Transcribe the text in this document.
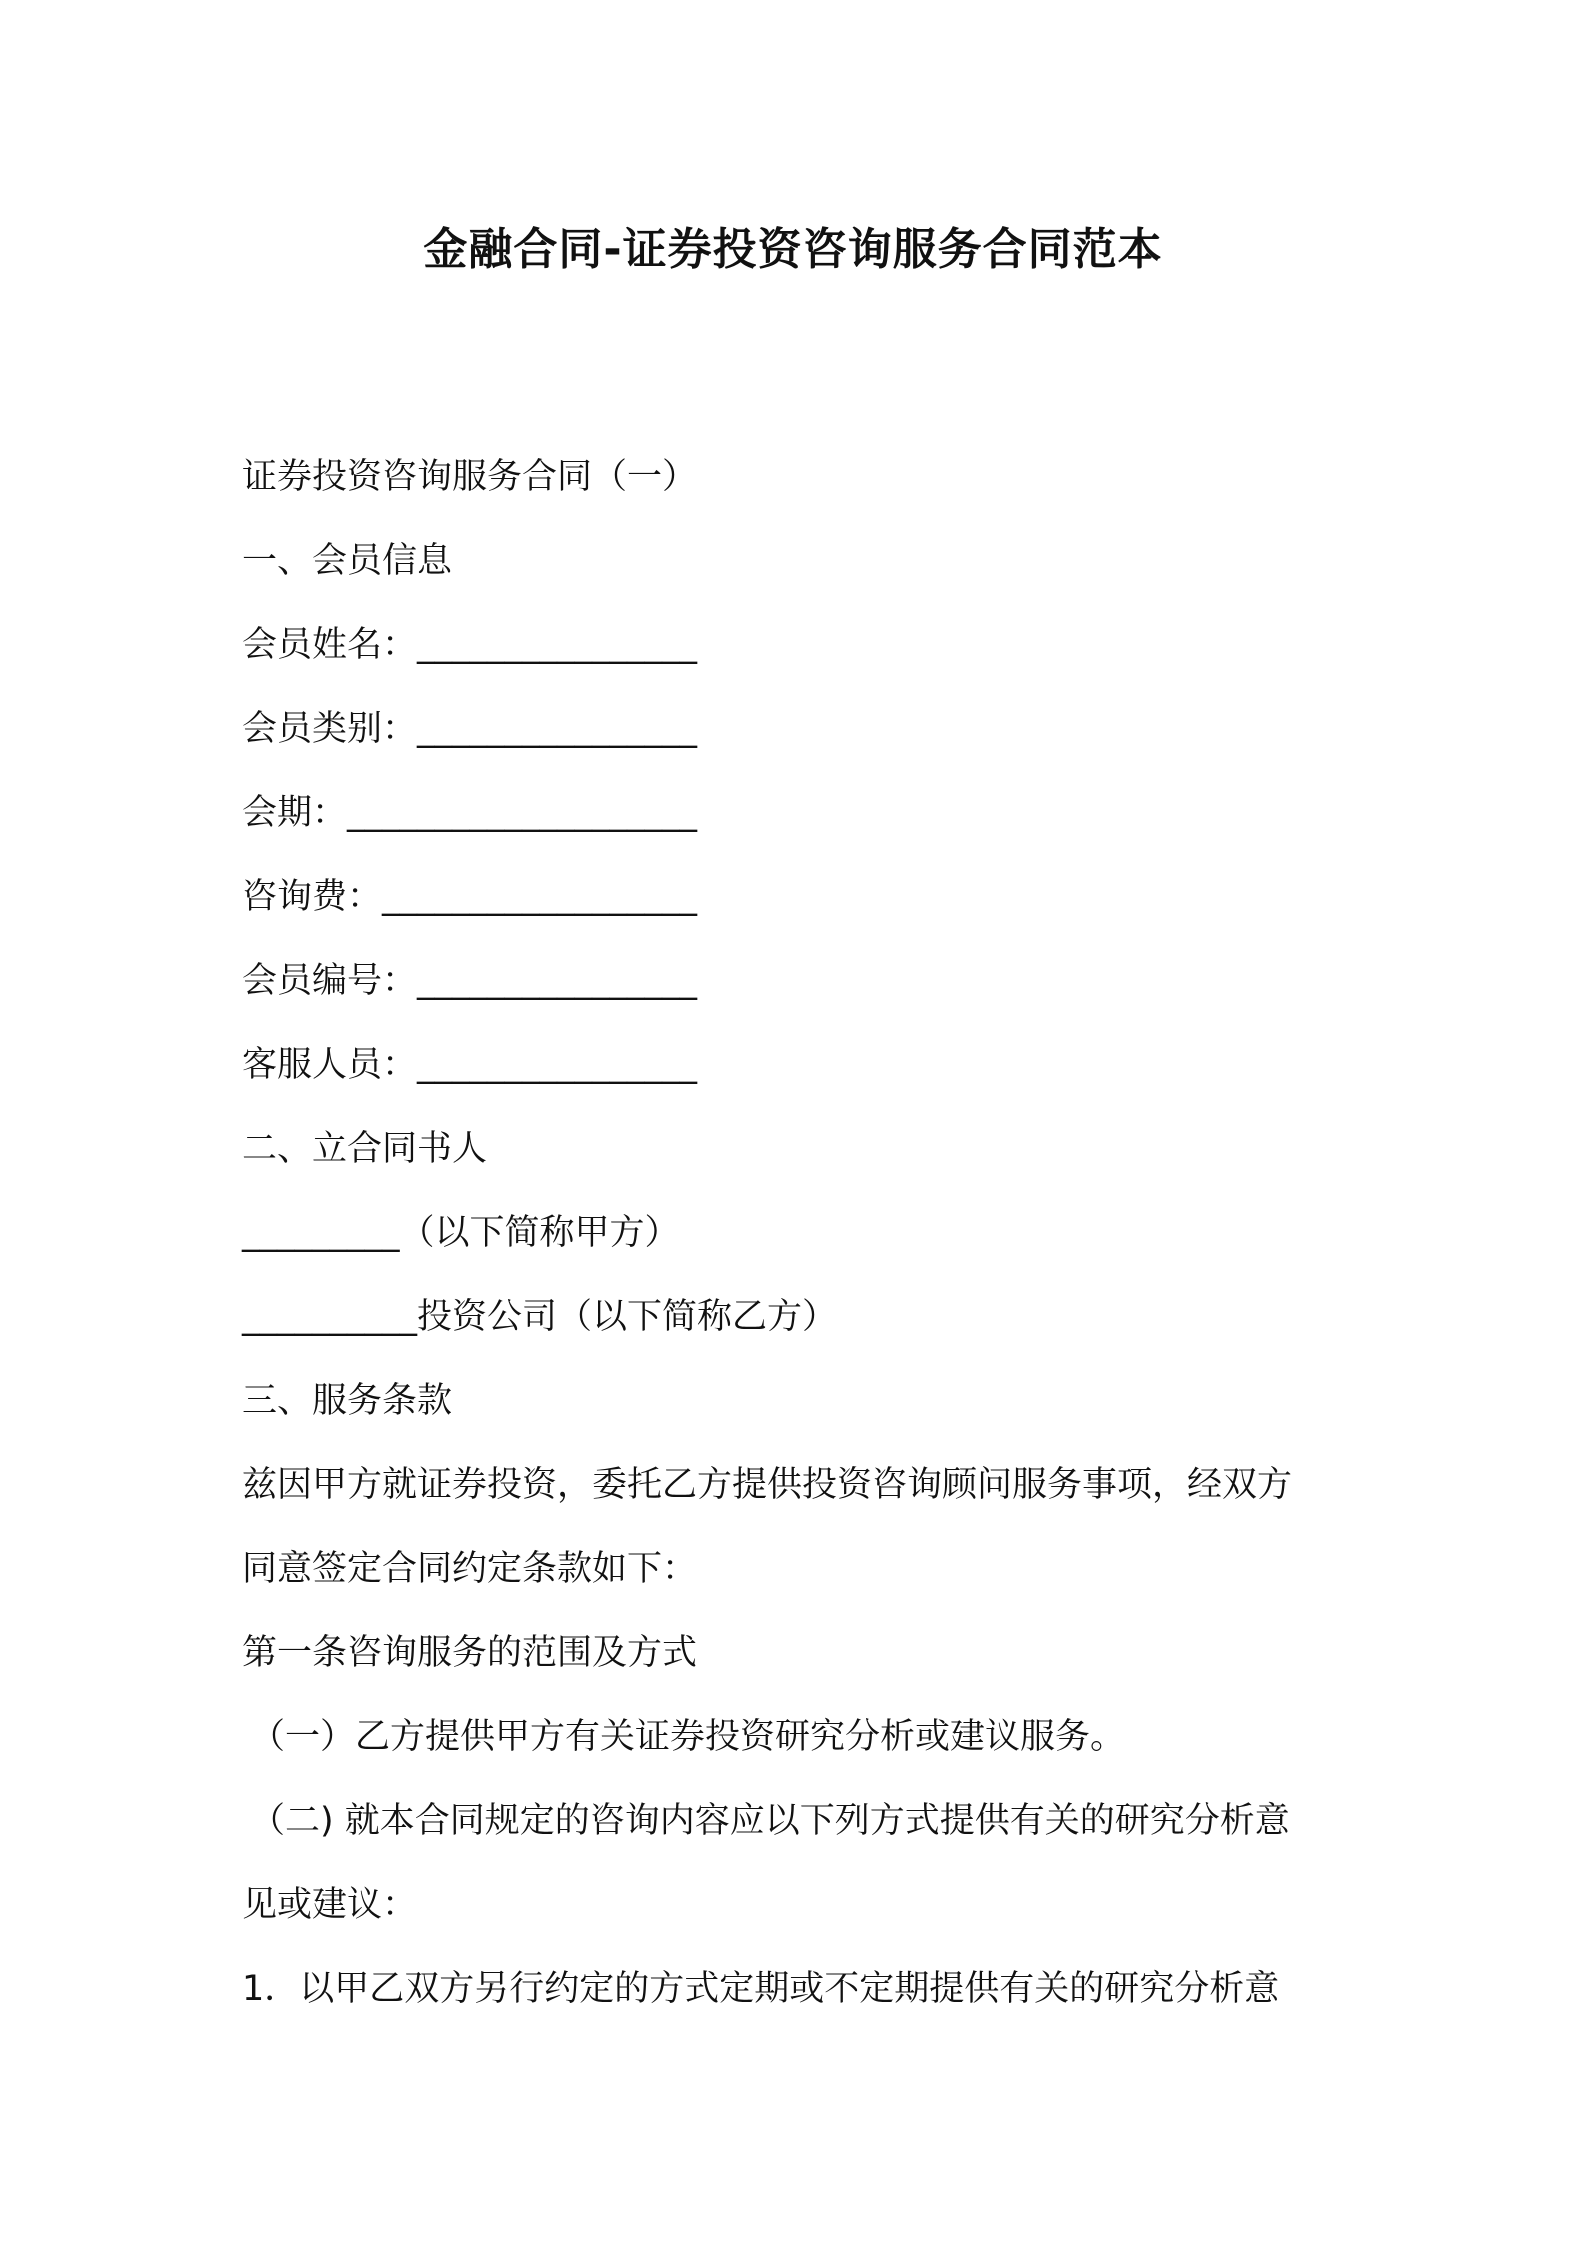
金融合同-证券投资咨询服务合同范本

证券投资咨询服务合同（一）

一、会员信息

会员姓名：________________

会员类别：________________

会期：____________________

咨询费：__________________

会员编号：________________

客服人员：________________

二、立合同书人

_________（以下简称甲方）

__________投资公司（以下简称乙方）

三、服务条款

兹因甲方就证券投资，委托乙方提供投资咨询顾问服务事项，经双方

同意签定合同约定条款如下：

第一条咨询服务的范围及方式

（一）乙方提供甲方有关证券投资研究分析或建议服务。

（二) 就本合同规定的咨询内容应以下列方式提供有关的研究分析意

见或建议：

1．以甲乙双方另行约定的方式定期或不定期提供有关的研究分析意
